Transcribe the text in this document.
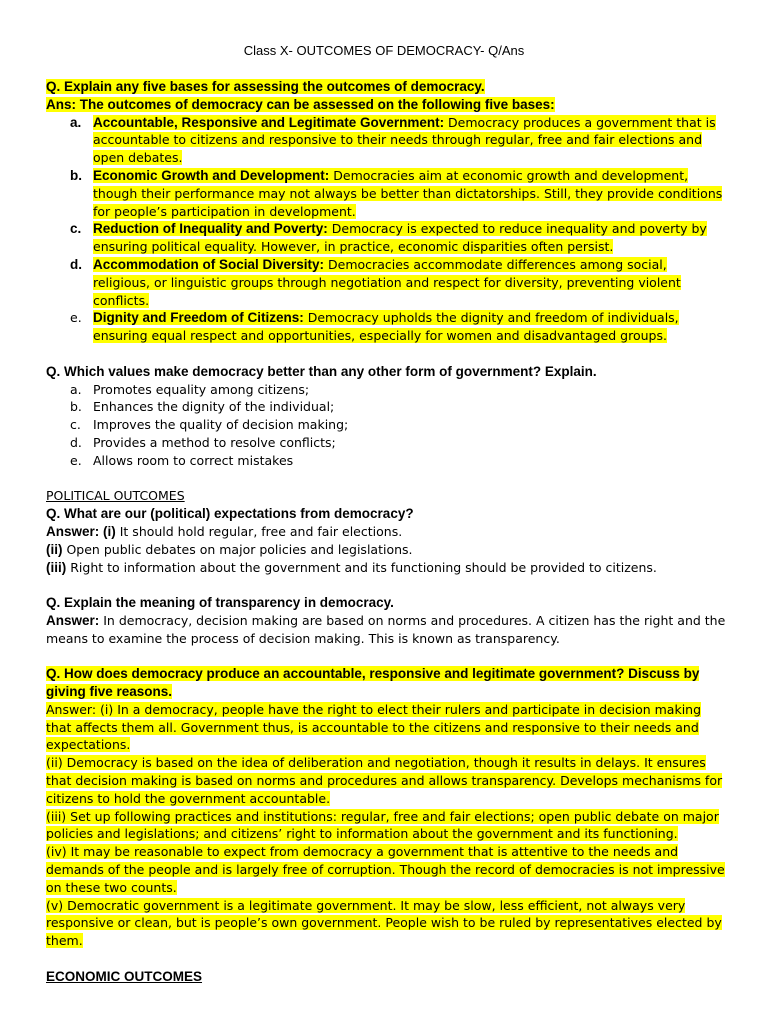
Class X- OUTCOMES OF DEMOCRACY- Q/Ans

Q. Explain any five bases for assessing the outcomes of democracy.

Ans: The outcomes of democracy can be assessed on the following five bases:

a. Accountable, Responsive and Legitimate Government: Democracy produces a government that is accountable to citizens and responsive to their needs through regular, free and fair elections and open debates.
b. Economic Growth and Development: Democracies aim at economic growth and development, though their performance may not always be better than dictatorships. Still, they provide conditions for people’s participation in development.
c. Reduction of Inequality and Poverty: Democracy is expected to reduce inequality and poverty by ensuring political equality. However, in practice, economic disparities often persist.
d. Accommodation of Social Diversity: Democracies accommodate differences among social, religious, or linguistic groups through negotiation and respect for diversity, preventing violent conflicts.
e. Dignity and Freedom of Citizens: Democracy upholds the dignity and freedom of individuals, ensuring equal respect and opportunities, especially for women and disadvantaged groups.

Q. Which values make democracy better than any other form of government? Explain.

a. Promotes equality among citizens;
b. Enhances the dignity of the individual;
c. Improves the quality of decision making;
d. Provides a method to resolve conflicts;
e. Allows room to correct mistakes

POLITICAL OUTCOMES

Q. What are our (political) expectations from democracy?

Answer: (i) It should hold regular, free and fair elections.

(ii) Open public debates on major policies and legislations.

(iii) Right to information about the government and its functioning should be provided to citizens.

Q. Explain the meaning of transparency in democracy.

Answer: In democracy, decision making are based on norms and procedures. A citizen has the right and the means to examine the process of decision making. This is known as transparency.

Q. How does democracy produce an accountable, responsive and legitimate government? Discuss by giving five reasons.

Answer: (i) In a democracy, people have the right to elect their rulers and participate in decision making that affects them all. Government thus, is accountable to the citizens and responsive to their needs and expectations.

(ii) Democracy is based on the idea of deliberation and negotiation, though it results in delays. It ensures that decision making is based on norms and procedures and allows transparency. Develops mechanisms for citizens to hold the government accountable.

(iii) Set up following practices and institutions: regular, free and fair elections; open public debate on major policies and legislations; and citizens’ right to information about the government and its functioning.

(iv) It may be reasonable to expect from democracy a government that is attentive to the needs and demands of the people and is largely free of corruption. Though the record of democracies is not impressive on these two counts.

(v) Democratic government is a legitimate government. It may be slow, less efficient, not always very responsive or clean, but is people’s own government. People wish to be ruled by representatives elected by them.

ECONOMIC OUTCOMES
